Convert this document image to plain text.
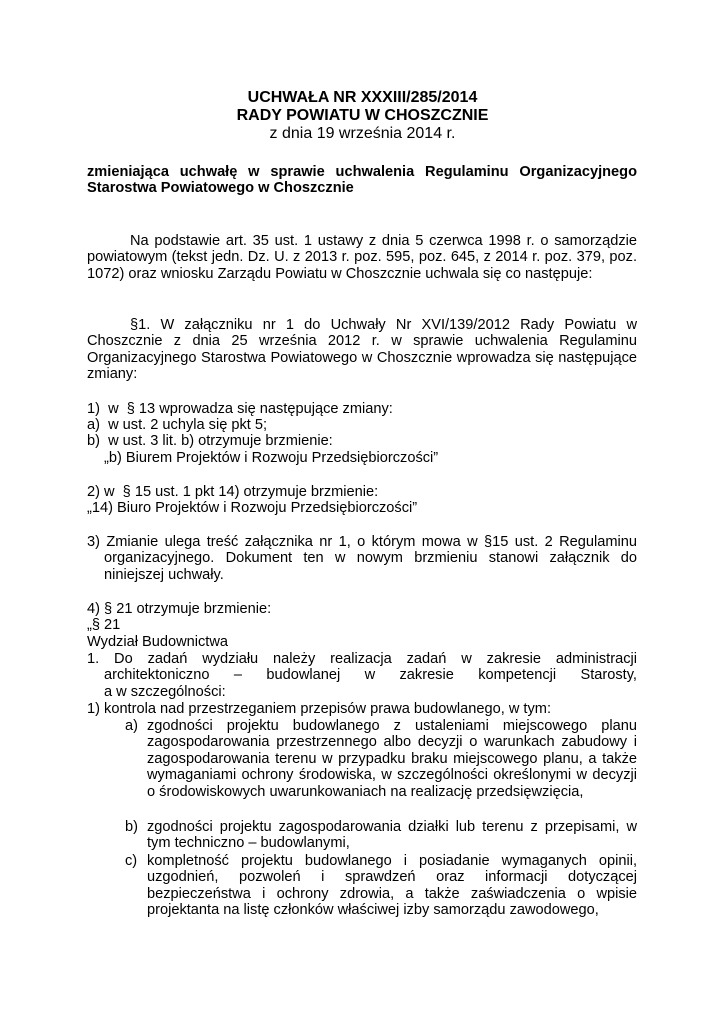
UCHWAŁA NR XXXIII/285/2014
RADY POWIATU W CHOSZCZNIE
z dnia 19 września 2014 r.
zmieniająca uchwałę w sprawie uchwalenia Regulaminu Organizacyjnego Starostwa Powiatowego w Choszcznie
Na podstawie art. 35 ust. 1 ustawy z dnia 5 czerwca 1998 r. o samorządzie powiatowym (tekst jedn. Dz. U. z 2013 r. poz. 595, poz. 645, z 2014 r. poz. 379, poz. 1072) oraz wniosku Zarządu Powiatu w Choszcznie uchwala się co następuje:
§1. W załączniku nr 1 do Uchwały Nr XVI/139/2012 Rady Powiatu w Choszcznie z dnia 25 września 2012 r. w sprawie uchwalenia Regulaminu Organizacyjnego Starostwa Powiatowego w Choszcznie wprowadza się następujące zmiany:
1)  w  § 13 wprowadza się następujące zmiany:
a)  w ust. 2 uchyla się pkt 5;
b)  w ust. 3 lit. b) otrzymuje brzmienie:
„b) Biurem Projektów i Rozwoju Przedsiębiorczości”
2) w  § 15 ust. 1 pkt 14) otrzymuje brzmienie:
„14) Biuro Projektów i Rozwoju Przedsiębiorczości”
3) Zmianie ulega treść załącznika nr 1, o którym mowa w §15 ust. 2 Regulaminu organizacyjnego. Dokument ten w nowym brzmieniu stanowi załącznik do niniejszej uchwały.
4) § 21 otrzymuje brzmienie:
„§ 21
Wydział Budownictwa
1. Do zadań wydziału należy realizacja zadań w zakresie administracji
architektoniczno – budowlanej w zakresie kompetencji Starosty,
a w szczególności:
1) kontrola nad przestrzeganiem przepisów prawa budowlanego, w tym:
a) zgodności projektu budowlanego z ustaleniami miejscowego planu zagospodarowania przestrzennego albo decyzji o warunkach zabudowy i zagospodarowania terenu w przypadku braku miejscowego planu, a także wymaganiami ochrony środowiska, w szczególności określonymi w decyzji o środowiskowych uwarunkowaniach na realizację przedsięwzięcia,
b) zgodności projektu zagospodarowania działki lub terenu z przepisami, w tym techniczno – budowlanymi,
c) kompletność projektu budowlanego i posiadanie wymaganych opinii, uzgodnień, pozwoleń i sprawdzeń oraz informacji dotyczącej bezpieczeństwa i ochrony zdrowia, a także zaświadczenia o wpisie projektanta na listę członków właściwej izby samorządu zawodowego,
